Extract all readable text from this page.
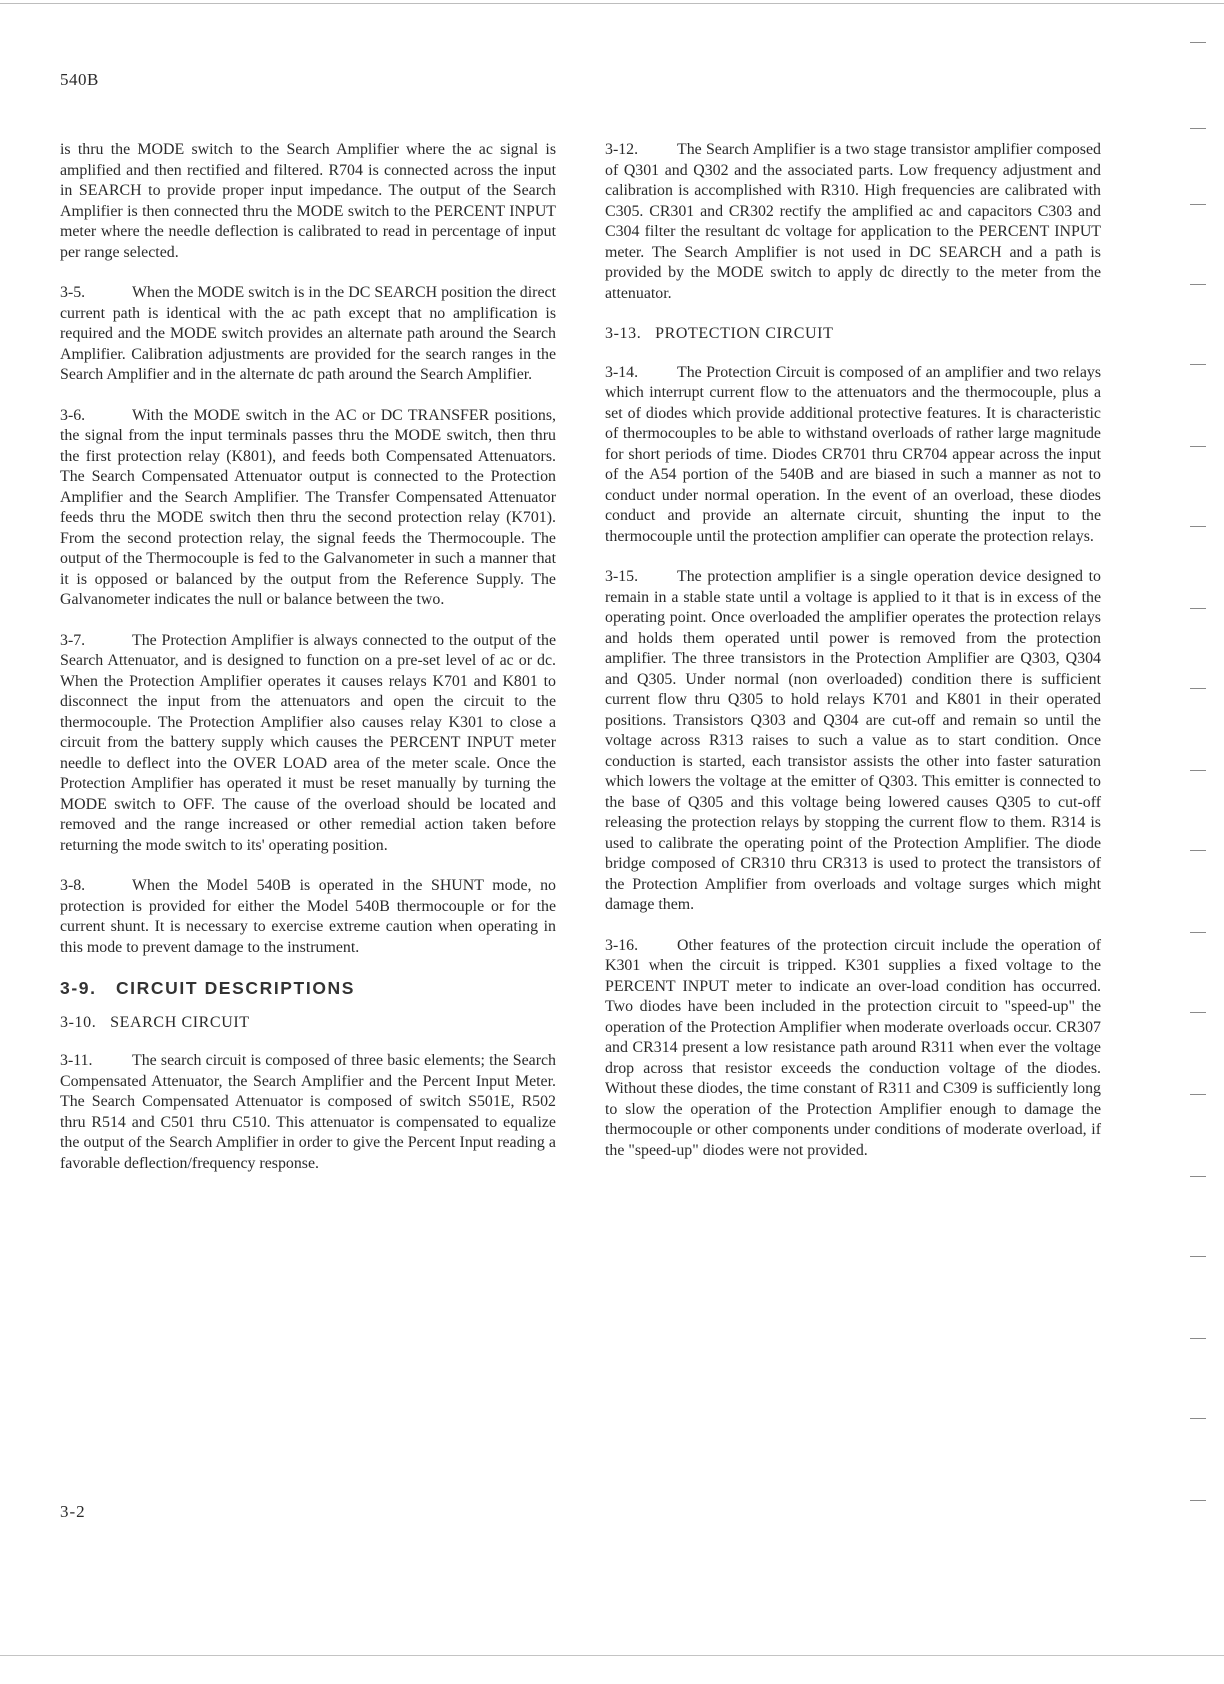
540B

is thru the MODE switch to the Search Amplifier where the ac signal is amplified and then rectified and filtered. R704 is connected across the input in SEARCH to provide proper input impedance. The output of the Search Amplifier is then connected thru the MODE switch to the PERCENT INPUT meter where the needle deflection is calibrated to read in percentage of input per range selected.

3-5.	When the MODE switch is in the DC SEARCH position the direct current path is identical with the ac path except that no amplification is required and the MODE switch provides an alternate path around the Search Amplifier. Calibration adjustments are provided for the search ranges in the Search Amplifier and in the alternate dc path around the Search Amplifier.

3-6.	With the MODE switch in the AC or DC TRANSFER positions, the signal from the input terminals passes thru the MODE switch, then thru the first protection relay (K801), and feeds both Compensated Attenuators. The Search Compensated Attenuator output is connected to the Protection Amplifier and the Search Amplifier. The Transfer Compensated Attenuator feeds thru the MODE switch then thru the second protection relay (K701). From the second protection relay, the signal feeds the Thermocouple. The output of the Thermocouple is fed to the Galvanometer in such a manner that it is opposed or balanced by the output from the Reference Supply. The Galvanometer indicates the null or balance between the two.

3-7.	The Protection Amplifier is always connected to the output of the Search Attenuator, and is designed to function on a pre-set level of ac or dc. When the Protection Amplifier operates it causes relays K701 and K801 to disconnect the input from the attenuators and open the circuit to the thermocouple. The Protection Amplifier also causes relay K301 to close a circuit from the battery supply which causes the PERCENT INPUT meter needle to deflect into the OVER LOAD area of the meter scale. Once the Protection Amplifier has operated it must be reset manually by turning the MODE switch to OFF. The cause of the overload should be located and removed and the range increased or other remedial action taken before returning the mode switch to its' operating position.

3-8.	When the Model 540B is operated in the SHUNT mode, no protection is provided for either the Model 540B thermocouple or for the current shunt. It is necessary to exercise extreme caution when operating in this mode to prevent damage to the instrument.

3-9.   CIRCUIT DESCRIPTIONS
3-10.   SEARCH CIRCUIT

3-11. The search circuit is composed of three basic elements; the Search Compensated Attenuator, the Search Amplifier and the Percent Input Meter. The Search Compensated Attenuator is composed of switch S501E, R502 thru R514 and C501 thru C510. This attenuator is compensated to equalize the output of the Search Amplifier in order to give the Percent Input reading a favorable deflection/frequency response.

3-12. The Search Amplifier is a two stage transistor amplifier composed of Q301 and Q302 and the associated parts. Low frequency adjustment and calibration is accomplished with R310. High frequencies are calibrated with C305. CR301 and CR302 rectify the amplified ac and capacitors C303 and C304 filter the resultant dc voltage for application to the PERCENT INPUT meter. The Search Amplifier is not used in DC SEARCH and a path is provided by the MODE switch to apply dc directly to the meter from the attenuator.

3-13.   PROTECTION CIRCUIT

3-14. The Protection Circuit is composed of an amplifier and two relays which interrupt current flow to the attenuators and the thermocouple, plus a set of diodes which provide additional protective features. It is characteristic of thermocouples to be able to withstand overloads of rather large magnitude for short periods of time. Diodes CR701 thru CR704 appear across the input of the A54 portion of the 540B and are biased in such a manner as not to conduct under normal operation. In the event of an overload, these diodes conduct and provide an alternate circuit, shunting the input to the thermocouple until the protection amplifier can operate the protection relays.

3-15. The protection amplifier is a single operation device designed to remain in a stable state until a voltage is applied to it that is in excess of the operating point. Once overloaded the amplifier operates the protection relays and holds them operated until power is removed from the protection amplifier. The three transistors in the Protection Amplifier are Q303, Q304 and Q305. Under normal (non overloaded) condition there is sufficient current flow thru Q305 to hold relays K701 and K801 in their operated positions. Transistors Q303 and Q304 are cut-off and remain so until the voltage across R313 raises to such a value as to start condition. Once conduction is started, each transistor assists the other into faster saturation which lowers the voltage at the emitter of Q303. This emitter is connected to the base of Q305 and this voltage being lowered causes Q305 to cut-off releasing the protection relays by stopping the current flow to them. R314 is used to calibrate the operating point of the Protection Amplifier. The diode bridge composed of CR310 thru CR313 is used to protect the transistors of the Protection Amplifier from overloads and voltage surges which might damage them.

3-16. Other features of the protection circuit include the operation of K301 when the circuit is tripped. K301 supplies a fixed voltage to the PERCENT INPUT meter to indicate an over-load condition has occurred. Two diodes have been included in the protection circuit to "speed-up" the operation of the Protection Amplifier when moderate overloads occur. CR307 and CR314 present a low resistance path around R311 when ever the voltage drop across that resistor exceeds the conduction voltage of the diodes. Without these diodes, the time constant of R311 and C309 is sufficiently long to slow the operation of the Protection Amplifier enough to damage the thermocouple or other components under conditions of moderate overload, if the "speed-up" diodes were not provided.

3-2
